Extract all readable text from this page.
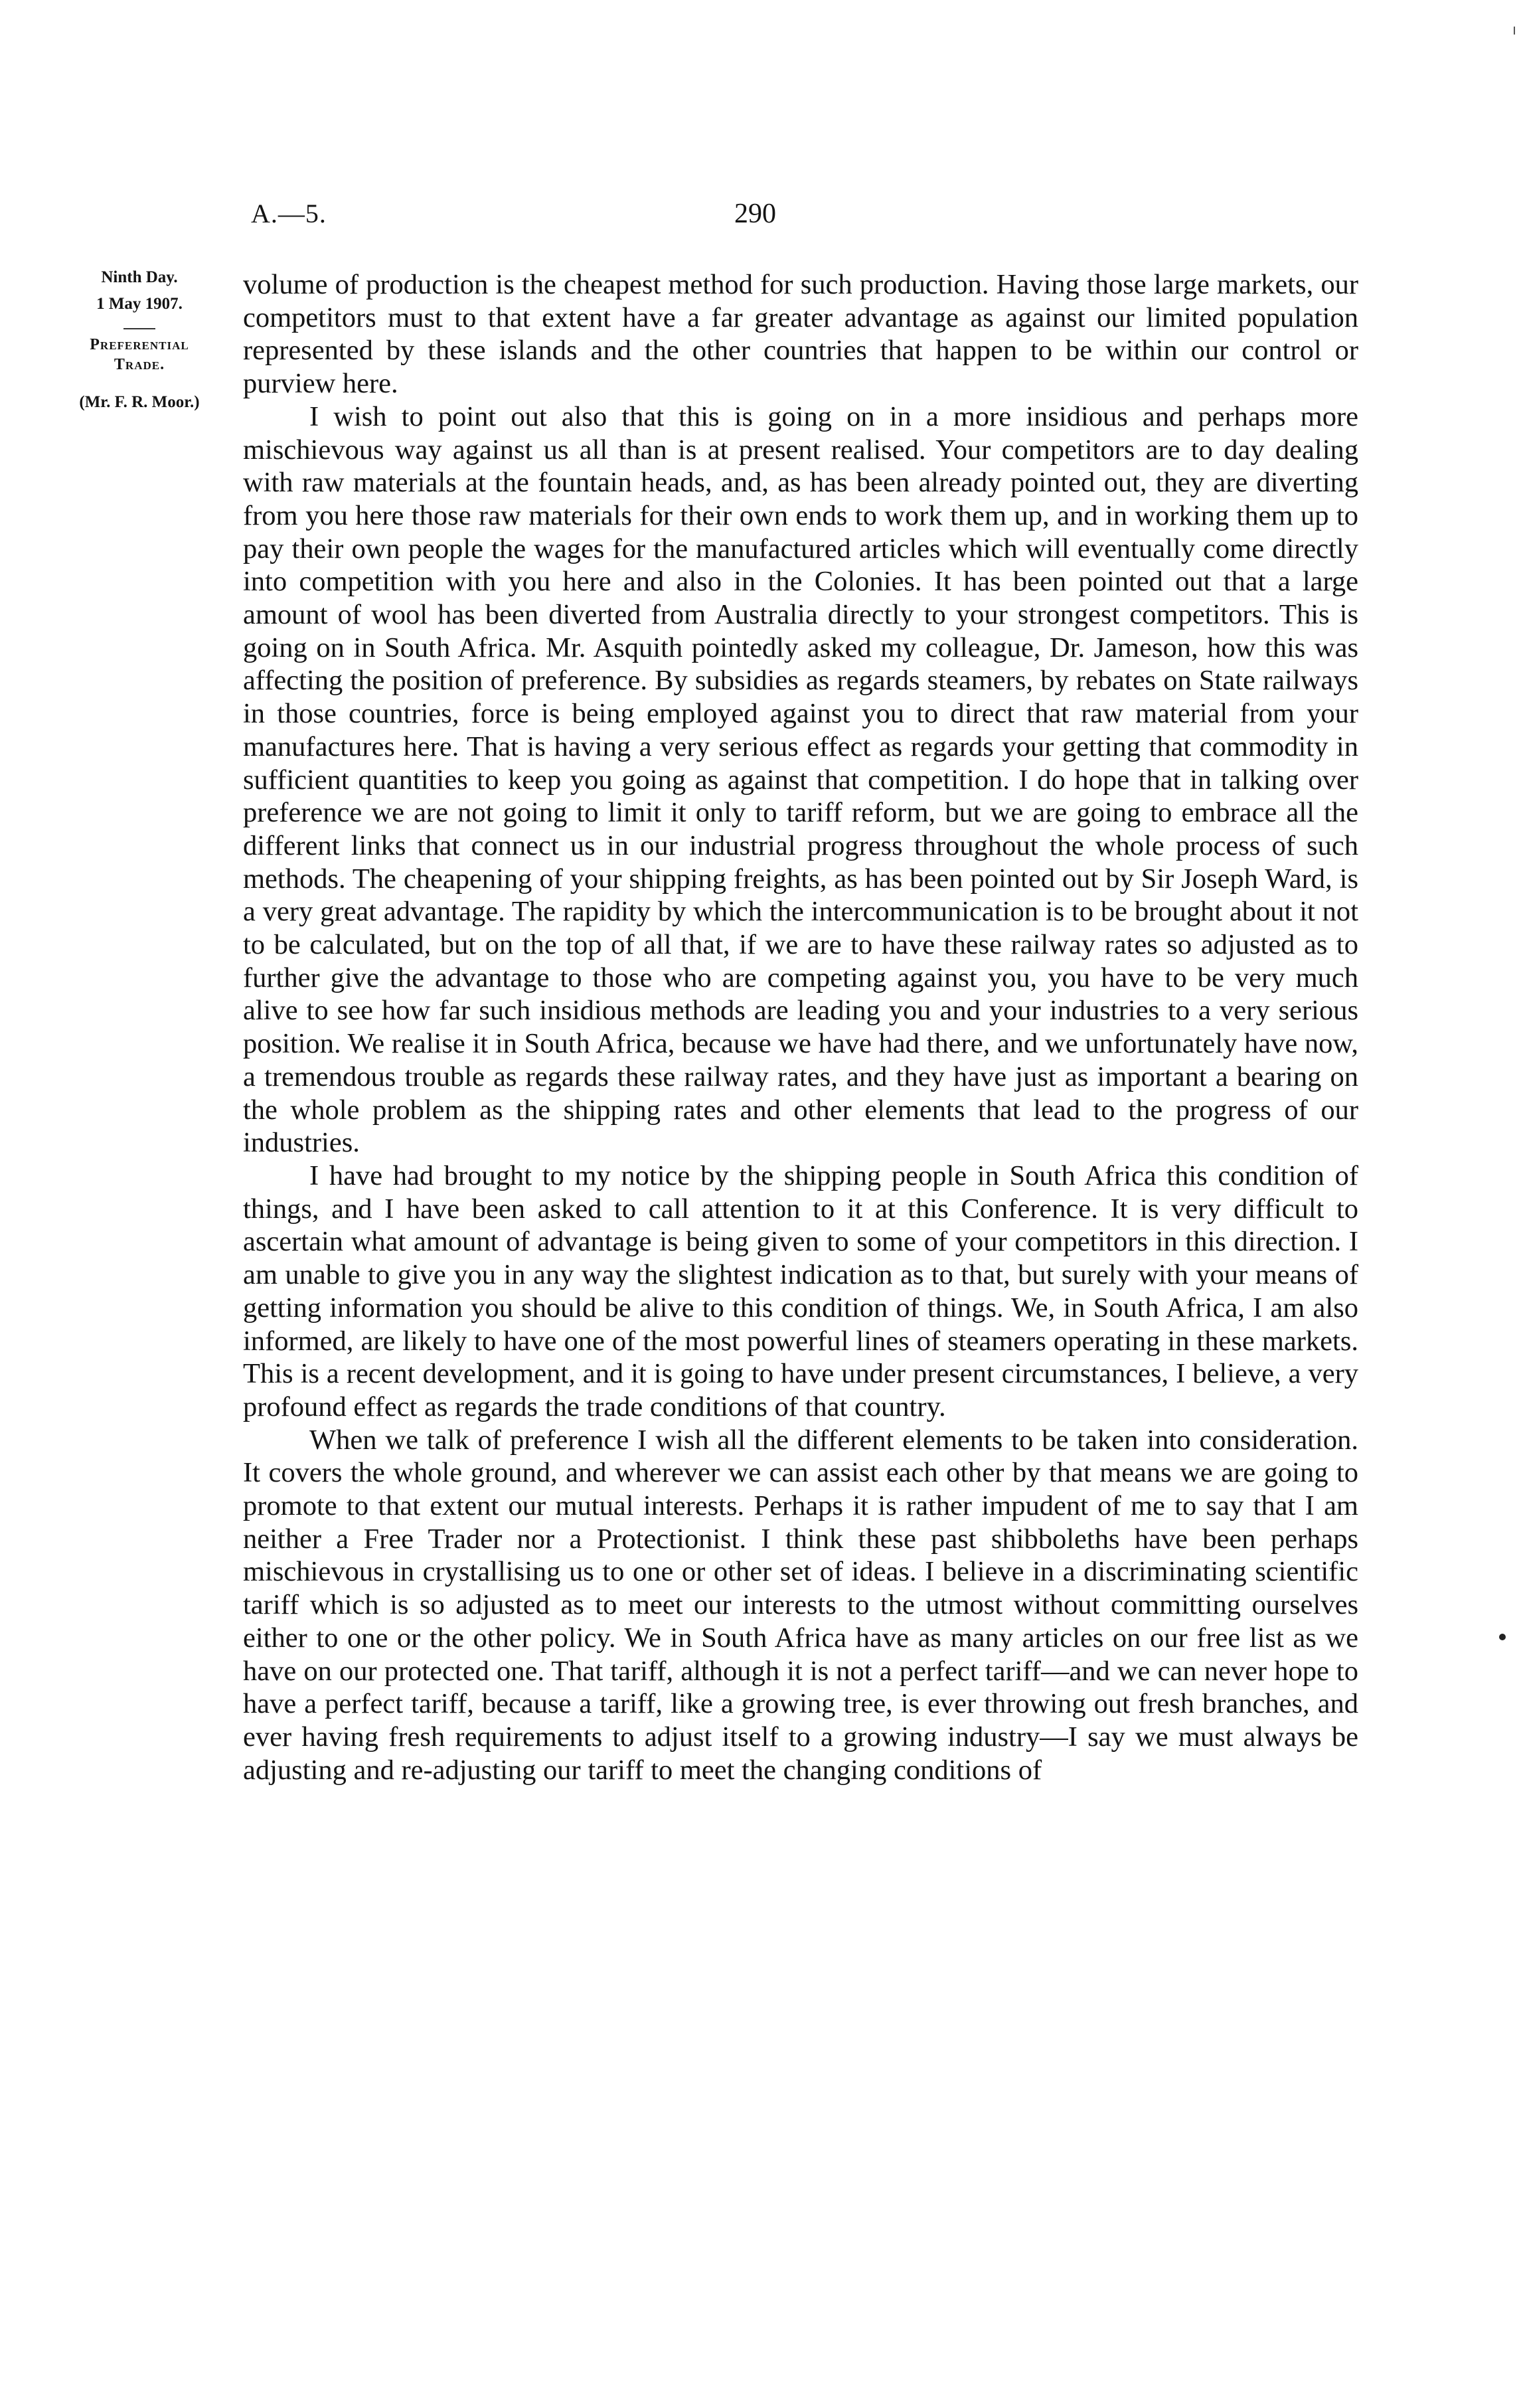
A.—5.	290
Ninth Day.
1 May 1907.
Preferential
Trade.
(Mr. F. R. Moor.)

volume of production is the cheapest method for such production. Having those large markets, our competitors must to that extent have a far greater advantage as against our limited population represented by these islands and the other countries that happen to be within our control or purview here.

I wish to point out also that this is going on in a more insidious and perhaps more mischievous way against us all than is at present realised. Your competitors are to day dealing with raw materials at the fountain heads, and, as has been already pointed out, they are diverting from you here those raw materials for their own ends to work them up, and in working them up to pay their own people the wages for the manufactured articles which will eventually come directly into competition with you here and also in the Colonies. It has been pointed out that a large amount of wool has been diverted from Australia directly to your strongest competitors. This is going on in South Africa. Mr. Asquith pointedly asked my colleague, Dr. Jameson, how this was affecting the position of preference. By subsidies as regards steamers, by rebates on State railways in those countries, force is being employed against you to direct that raw material from your manufactures here. That is having a very serious effect as regards your getting that commodity in sufficient quantities to keep you going as against that competition. I do hope that in talking over preference we are not going to limit it only to tariff reform, but we are going to embrace all the different links that connect us in our industrial progress throughout the whole process of such methods. The cheapening of your shipping freights, as has been pointed out by Sir Joseph Ward, is a very great advantage. The rapidity by which the intercommunication is to be brought about it not to be calculated, but on the top of all that, if we are to have these railway rates so adjusted as to further give the advantage to those who are competing against you, you have to be very much alive to see how far such insidious methods are leading you and your industries to a very serious position. We realise it in South Africa, because we have had there, and we unfortunately have now, a tremendous trouble as regards these railway rates, and they have just as important a bearing on the whole problem as the shipping rates and other elements that lead to the progress of our industries.

I have had brought to my notice by the shipping people in South Africa this condition of things, and I have been asked to call attention to it at this Conference. It is very difficult to ascertain what amount of advantage is being given to some of your competitors in this direction. I am unable to give you in any way the slightest indication as to that, but surely with your means of getting information you should be alive to this condition of things. We, in South Africa, I am also informed, are likely to have one of the most powerful lines of steamers operating in these markets. This is a recent development, and it is going to have under present circumstances, I believe, a very profound effect as regards the trade conditions of that country.

When we talk of preference I wish all the different elements to be taken into consideration. It covers the whole ground, and wherever we can assist each other by that means we are going to promote to that extent our mutual interests. Perhaps it is rather impudent of me to say that I am neither a Free Trader nor a Protectionist. I think these past shibboleths have been perhaps mischievous in crystallising us to one or other set of ideas. I believe in a discriminating scientific tariff which is so adjusted as to meet our interests to the utmost without committing ourselves either to one or the other policy. We in South Africa have as many articles on our free list as we have on our protected one. That tariff, although it is not a perfect tariff—and we can never hope to have a perfect tariff, because a tariff, like a growing tree, is ever throwing out fresh branches, and ever having fresh requirements to adjust itself to a growing industry—I say we must always be adjusting and re-adjusting our tariff to meet the changing conditions of
